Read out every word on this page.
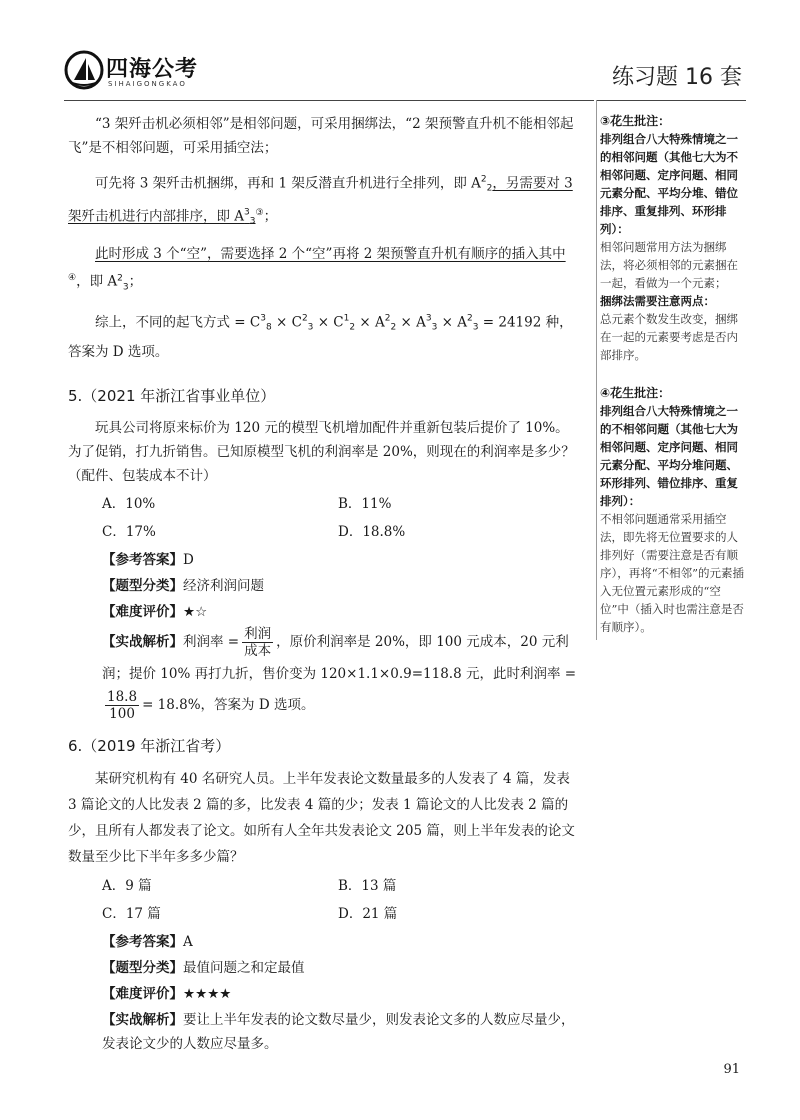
四海公考
SIHAIGONGKAO	练习题 16 套

“3 架歼击机必须相邻”是相邻问题，可采用捆绑法，“2 架预警直升机不能相邻起飞”是不相邻问题，可采用插空法；

可先将 3 架歼击机捆绑，再和 1 架反潜直升机进行全排列，即 $A^2_2$，另需要对 3 架歼击机进行内部排序，即 $A^3_3^③$；

此时形成 3 个“空”，需要选择 2 个“空”再将 2 架预警直升机有顺序的插入其中④，即 $A^2_3$；

综上，不同的起飞方式 = $C^3_8 \times C^2_3 \times C^1_2 \times A^2_2 \times A^3_3 \times A^2_3 = 24192$ 种，答案为 D 选项。

5.（2021 年浙江省事业单位）

玩具公司将原来标价为 120 元的模型飞机增加配件并重新包装后提价了 10%。为了促销，打九折销售。已知原模型飞机的利润率是 20%，则现在的利润率是多少？（配件、包装成本不计）

A．10%	B．11%
C．17%	D．18.8%

【参考答案】D

【题型分类】经济利润问题

【难度评价】★☆

【实战解析】利润率 = $\frac{\text{利润}}{\text{成本}}$ ，原价利润率是 20%，即 100 元成本，20 元利润；提价 10% 再打九折，售价变为 120×1.1×0.9=118.8 元，此时利润率 =
$\frac{18.8}{100} = 18.8\%$，答案为 D 选项。

6.（2019 年浙江省考）

某研究机构有 40 名研究人员。上半年发表论文数量最多的人发表了 4 篇，发表 3 篇论文的人比发表 2 篇的多，比发表 4 篇的少；发表 1 篇论文的人比发表 2 篇的少，且所有人都发表了论文。如所有人全年共发表论文 205 篇，则上半年发表的论文数量至少比下半年多多少篇？

A．9 篇	B．13 篇
C．17 篇	D．21 篇

【参考答案】A

【题型分类】最值问题之和定最值

【难度评价】★★★★

【实战解析】要让上半年发表的论文数尽量少，则发表论文多的人数应尽量少，发表论文少的人数应尽量多。

③花生批注：
排列组合八大特殊情境之一的相邻问题（其他七大为不相邻问题、定序问题、相同元素分配、平均分堆、错位排序、重复排列、环形排列）：
相邻问题常用方法为捆绑法，将必须相邻的元素捆在一起，看做为一个元素；
捆绑法需要注意两点：
总元素个数发生改变，捆绑在一起的元素要考虑是否内部排序。
④花生批注：
排列组合八大特殊情境之一的不相邻问题（其他七大为相邻问题、定序问题、相同元素分配、平均分堆问题、环形排列、错位排序、重复排列）：
不相邻问题通常采用插空法，即先将无位置要求的人排列好（需要注意是否有顺序），再将“不相邻”的元素插入无位置元素形成的“空位”中（插入时也需注意是否有顺序）。
91
